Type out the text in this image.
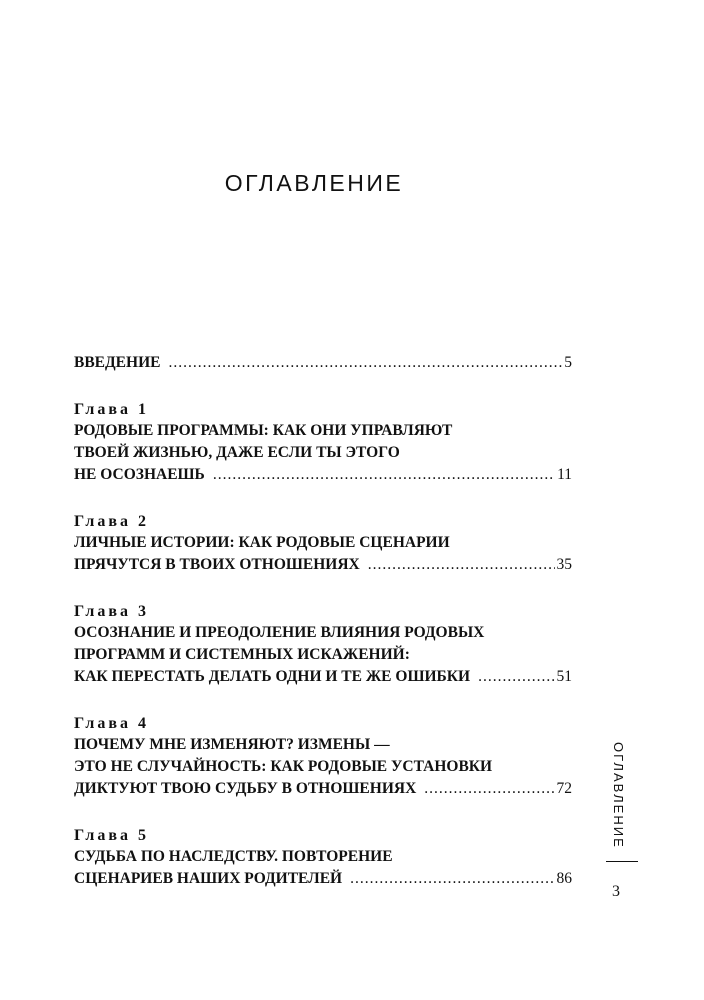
ОГЛАВЛЕНИЕ
ВВЕДЕНИЕ .....	5
Глава 1
РОДОВЫЕ ПРОГРАММЫ: КАК ОНИ УПРАВЛЯЮТ
ТВОЕЙ ЖИЗНЬЮ, ДАЖЕ ЕСЛИ ТЫ ЭТОГО
НЕ ОСОЗНАЕШЬ .....	11
Глава 2
ЛИЧНЫЕ ИСТОРИИ: КАК РОДОВЫЕ СЦЕНАРИИ
ПРЯЧУТСЯ В ТВОИХ ОТНОШЕНИЯХ .....	35
Глава 3
ОСОЗНАНИЕ И ПРЕОДОЛЕНИЕ ВЛИЯНИЯ РОДОВЫХ
ПРОГРАММ И СИСТЕМНЫХ ИСКАЖЕНИЙ:
КАК ПЕРЕСТАТЬ ДЕЛАТЬ ОДНИ И ТЕ ЖЕ ОШИБКИ .....	51
Глава 4
ПОЧЕМУ МНЕ ИЗМЕНЯЮТ? ИЗМЕНЫ —
ЭТО НЕ СЛУЧАЙНОСТЬ: КАК РОДОВЫЕ УСТАНОВКИ
ДИКТУЮТ ТВОЮ СУДЬБУ В ОТНОШЕНИЯХ .....	72
Глава 5
СУДЬБА ПО НАСЛЕДСТВУ. ПОВТОРЕНИЕ
СЦЕНАРИЕВ НАШИХ РОДИТЕЛЕЙ .....	86
ОГЛАВЛЕНИЕ
3
